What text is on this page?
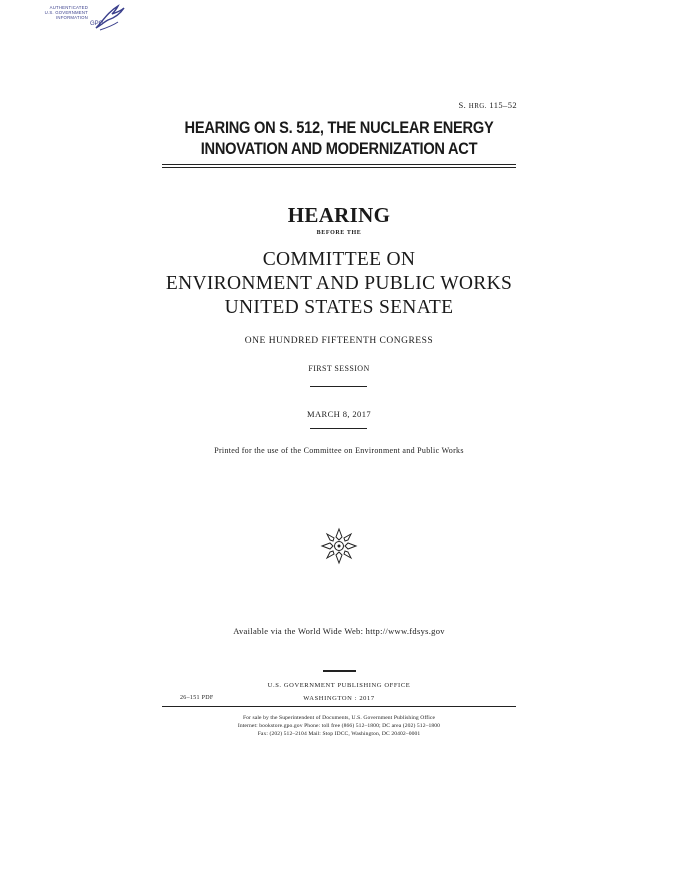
AUTHENTICATED
U.S. GOVERNMENT
INFORMATION
GPO
S. HRG. 115–52
HEARING ON S. 512, THE NUCLEAR ENERGY
INNOVATION AND MODERNIZATION ACT
HEARING
BEFORE THE
COMMITTEE ON
ENVIRONMENT AND PUBLIC WORKS
UNITED STATES SENATE
ONE HUNDRED FIFTEENTH CONGRESS
FIRST SESSION
MARCH 8, 2017
Printed for the use of the Committee on Environment and Public Works
Available via the World Wide Web: http://www.fdsys.gov
U.S. GOVERNMENT PUBLISHING OFFICE
26–151 PDF	WASHINGTON : 2017
For sale by the Superintendent of Documents, U.S. Government Publishing Office
Internet: bookstore.gpo.gov Phone: toll free (866) 512–1800; DC area (202) 512–1800
Fax: (202) 512–2104 Mail: Stop IDCC, Washington, DC 20402–0001
